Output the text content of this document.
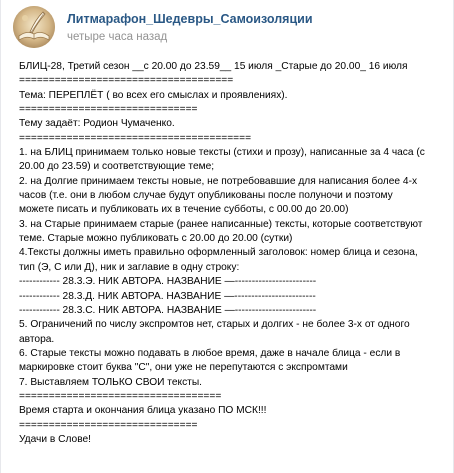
Литмарафон_Шедевры_Самоизоляции
четыре часа назад
БЛИЦ-28, Третий сезон __с 20.00 до 23.59__ 15 июля _Старые до 20.00_ 16 июля
====================================
Тема: ПЕРЕПЛЁТ ( во всех его смыслах и проявлениях).
==============================
Тему задаёт: Родион Чумаченко.
=======================================
1. на БЛИЦ принимаем только новые тексты (стихи и прозу), написанные за 4 часа (с
20.00 до 23.59) и соответствующие теме;
2. на Долгие принимаем тексты новые, не потребовавшие для написания более 4-х
часов (т.е. они в любом случае будут опубликованы после полуночи и поэтому
можете писать и публиковать их в течение субботы, с 00.00 до 20.00)
3. на Старые принимаем старые (ранее написанные) тексты, которые соответствуют
теме. Старые можно публиковать с 20.00 до 20.00 (сутки)
4.Тексты должны иметь правильно оформленный заголовок: номер блица и сезона,
тип (Э, С или Д), ник и заглавие в одну строку:
------------ 28.3.Э. НИК АВТОРА. НАЗВАНИЕ —------------------------
------------ 28.3.Д. НИК АВТОРА. НАЗВАНИЕ —------------------------
------------ 28.3.С. НИК АВТОРА. НАЗВАНИЕ —------------------------
5. Ограничений по числу экспромтов нет, старых и долгих - не более 3-х от одного
автора.
6. Старые тексты можно подавать в любое время, даже в начале блица - если в
маркировке стоит буква "С", они уже не перепутаются с экспромтами
7. Выставляем ТОЛЬКО СВОИ тексты.
==================================
Время старта и окончания блица указано ПО МСК!!!
==============================
Удачи в Слове!
